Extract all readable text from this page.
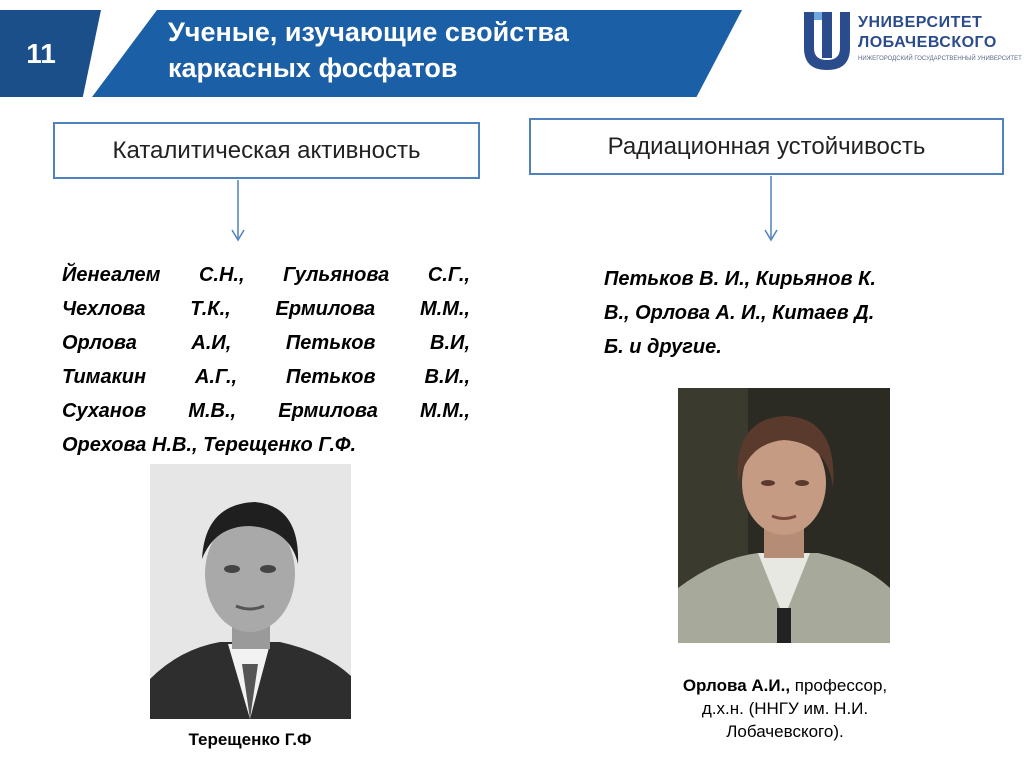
11
Ученые, изучающие свойства
каркасных фосфатов
УНИВЕРСИТЕТ
ЛОБАЧЕВСКОГО
НИЖЕГОРОДСКИЙ ГОСУДАРСТВЕННЫЙ УНИВЕРСИТЕТ
Каталитическая активность	Радиационная устойчивость

Йенеалем С.Н., Гульянова С.Г.,

Чехлова Т.К., Ермилова М.М.,

Орлова А.И, Петьков В.И,

Тимакин А.Г., Петьков В.И.,

Суханов М.В., Ермилова М.М.,

Орехова Н.В., Терещенко Г.Ф.

Петьков В. И., Кирьянов К.

В., Орлова А. И., Китаев Д.

Б. и другие.

Терещенко Г.Ф
Орлова А.И., профессор,
д.х.н. (ННГУ им. Н.И.
Лобачевского).
